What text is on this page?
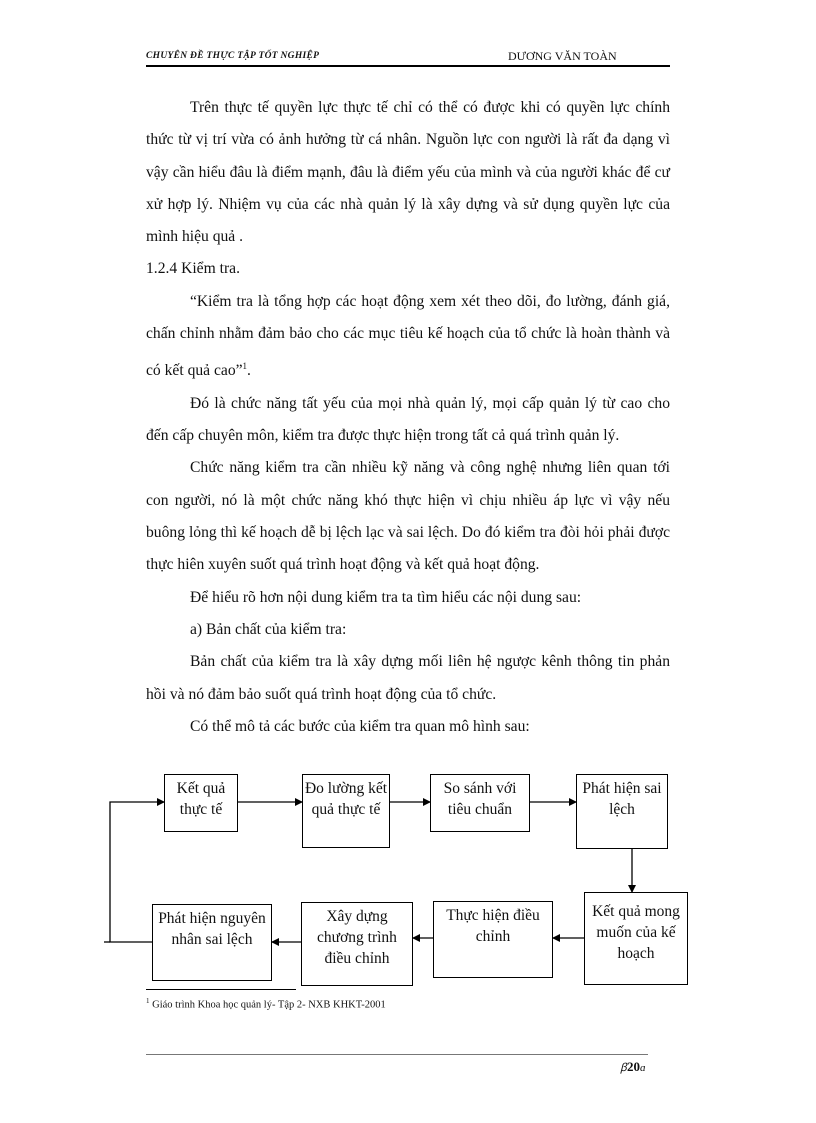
CHUYÊN ĐỀ THỰC TẬP TỐT NGHIỆP	DƯƠNG VĂN TOÀN

Trên thực tế quyền lực thực tế chỉ có thể có được khi có quyền lực chính thức từ vị trí vừa có ảnh hưởng từ cá nhân. Nguồn lực con người là rất đa dạng vì vậy cần hiểu đâu là điểm mạnh, đâu là điểm yếu của mình và của người khác để cư xử hợp lý. Nhiệm vụ của các nhà quản lý là xây dựng và sử dụng quyền lực của mình hiệu quả .

1.2.4 Kiểm tra.

“Kiểm tra là tổng hợp các hoạt động xem xét theo dõi, đo lường, đánh giá, chấn chỉnh nhằm đảm bảo cho các mục tiêu kế hoạch của tổ chức là hoàn thành và có kết quả cao”$^1$.

Đó là chức năng tất yếu của mọi nhà quản lý, mọi cấp quản lý từ cao cho đến cấp chuyên môn, kiểm tra được thực hiện trong tất cả quá trình quản lý.

Chức năng kiểm tra cần nhiều kỹ năng và công nghệ nhưng liên quan tới con người, nó là một chức năng khó thực hiện vì chịu nhiều áp lực vì vậy nếu buông lỏng thì kế hoạch dễ bị lệch lạc và sai lệch. Do đó kiểm tra đòi hỏi phải được thực hiên xuyên suốt quá trình hoạt động và kết quả hoạt động.

Để hiểu rõ hơn nội dung kiểm tra ta tìm hiểu các nội dung sau:

a) Bản chất của kiểm tra:

Bản chất của kiểm tra là xây dựng mối liên hệ ngược kênh thông tin phản hồi và nó đảm bảo suốt quá trình hoạt động của tổ chức.

Có thể mô tả các bước của kiểm tra quan mô hình sau:

Kết quả thực tế
Đo lường kết quả thực tế
So sánh với tiêu chuẩn
Phát hiện sai lệch
Kết quả mong muốn của kế hoạch
Thực hiện điều chỉnh
Xây dựng chương trình điều chỉnh
Phát hiện nguyên nhân sai lệch
$^1$ Giáo trình Khoa học quản lý- Tập 2- NXB KHKT-2001
ꞵ20ɑ
